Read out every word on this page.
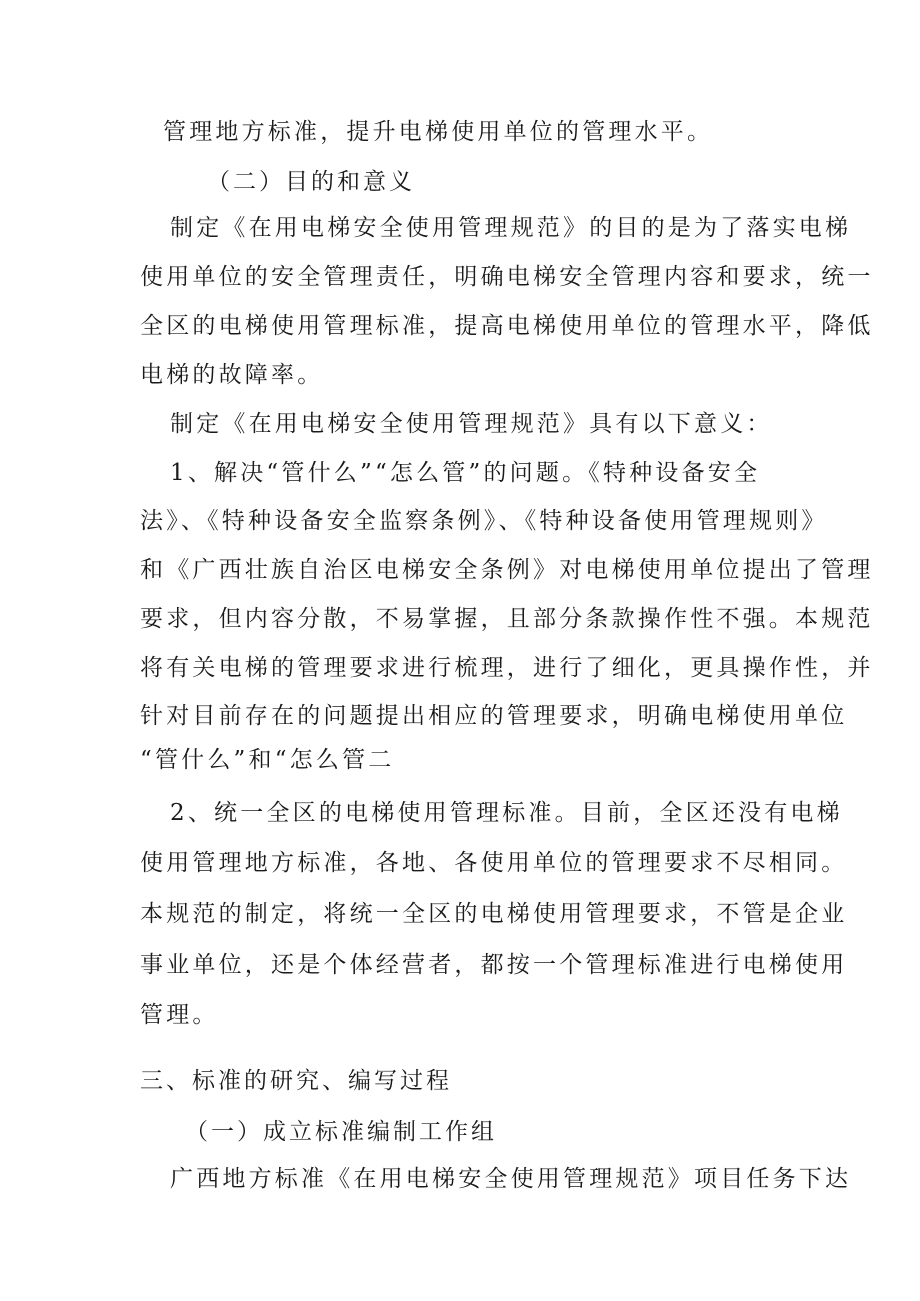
管理地方标准，提升电梯使用单位的管理水平。
（二）目的和意义
制定《在用电梯安全使用管理规范》的目的是为了落实电梯
使用单位的安全管理责任，明确电梯安全管理内容和要求，统一
全区的电梯使用管理标准，提高电梯使用单位的管理水平，降低
电梯的故障率。
制定《在用电梯安全使用管理规范》具有以下意义：
1、解决“管什么”“怎么管”的问题。《特种设备安全
法》、《特种设备安全监察条例》、《特种设备使用管理规则》
和《广西壮族自治区电梯安全条例》对电梯使用单位提出了管理
要求，但内容分散，不易掌握，且部分条款操作性不强。本规范
将有关电梯的管理要求进行梳理，进行了细化，更具操作性，并
针对目前存在的问题提出相应的管理要求，明确电梯使用单位
“管什么”和“怎么管二
2、统一全区的电梯使用管理标准。目前，全区还没有电梯
使用管理地方标准，各地、各使用单位的管理要求不尽相同。
本规范的制定，将统一全区的电梯使用管理要求，不管是企业
事业单位，还是个体经营者，都按一个管理标准进行电梯使用
管理。
三、标准的研究、编写过程
（一）成立标准编制工作组
广西地方标准《在用电梯安全使用管理规范》项目任务下达
